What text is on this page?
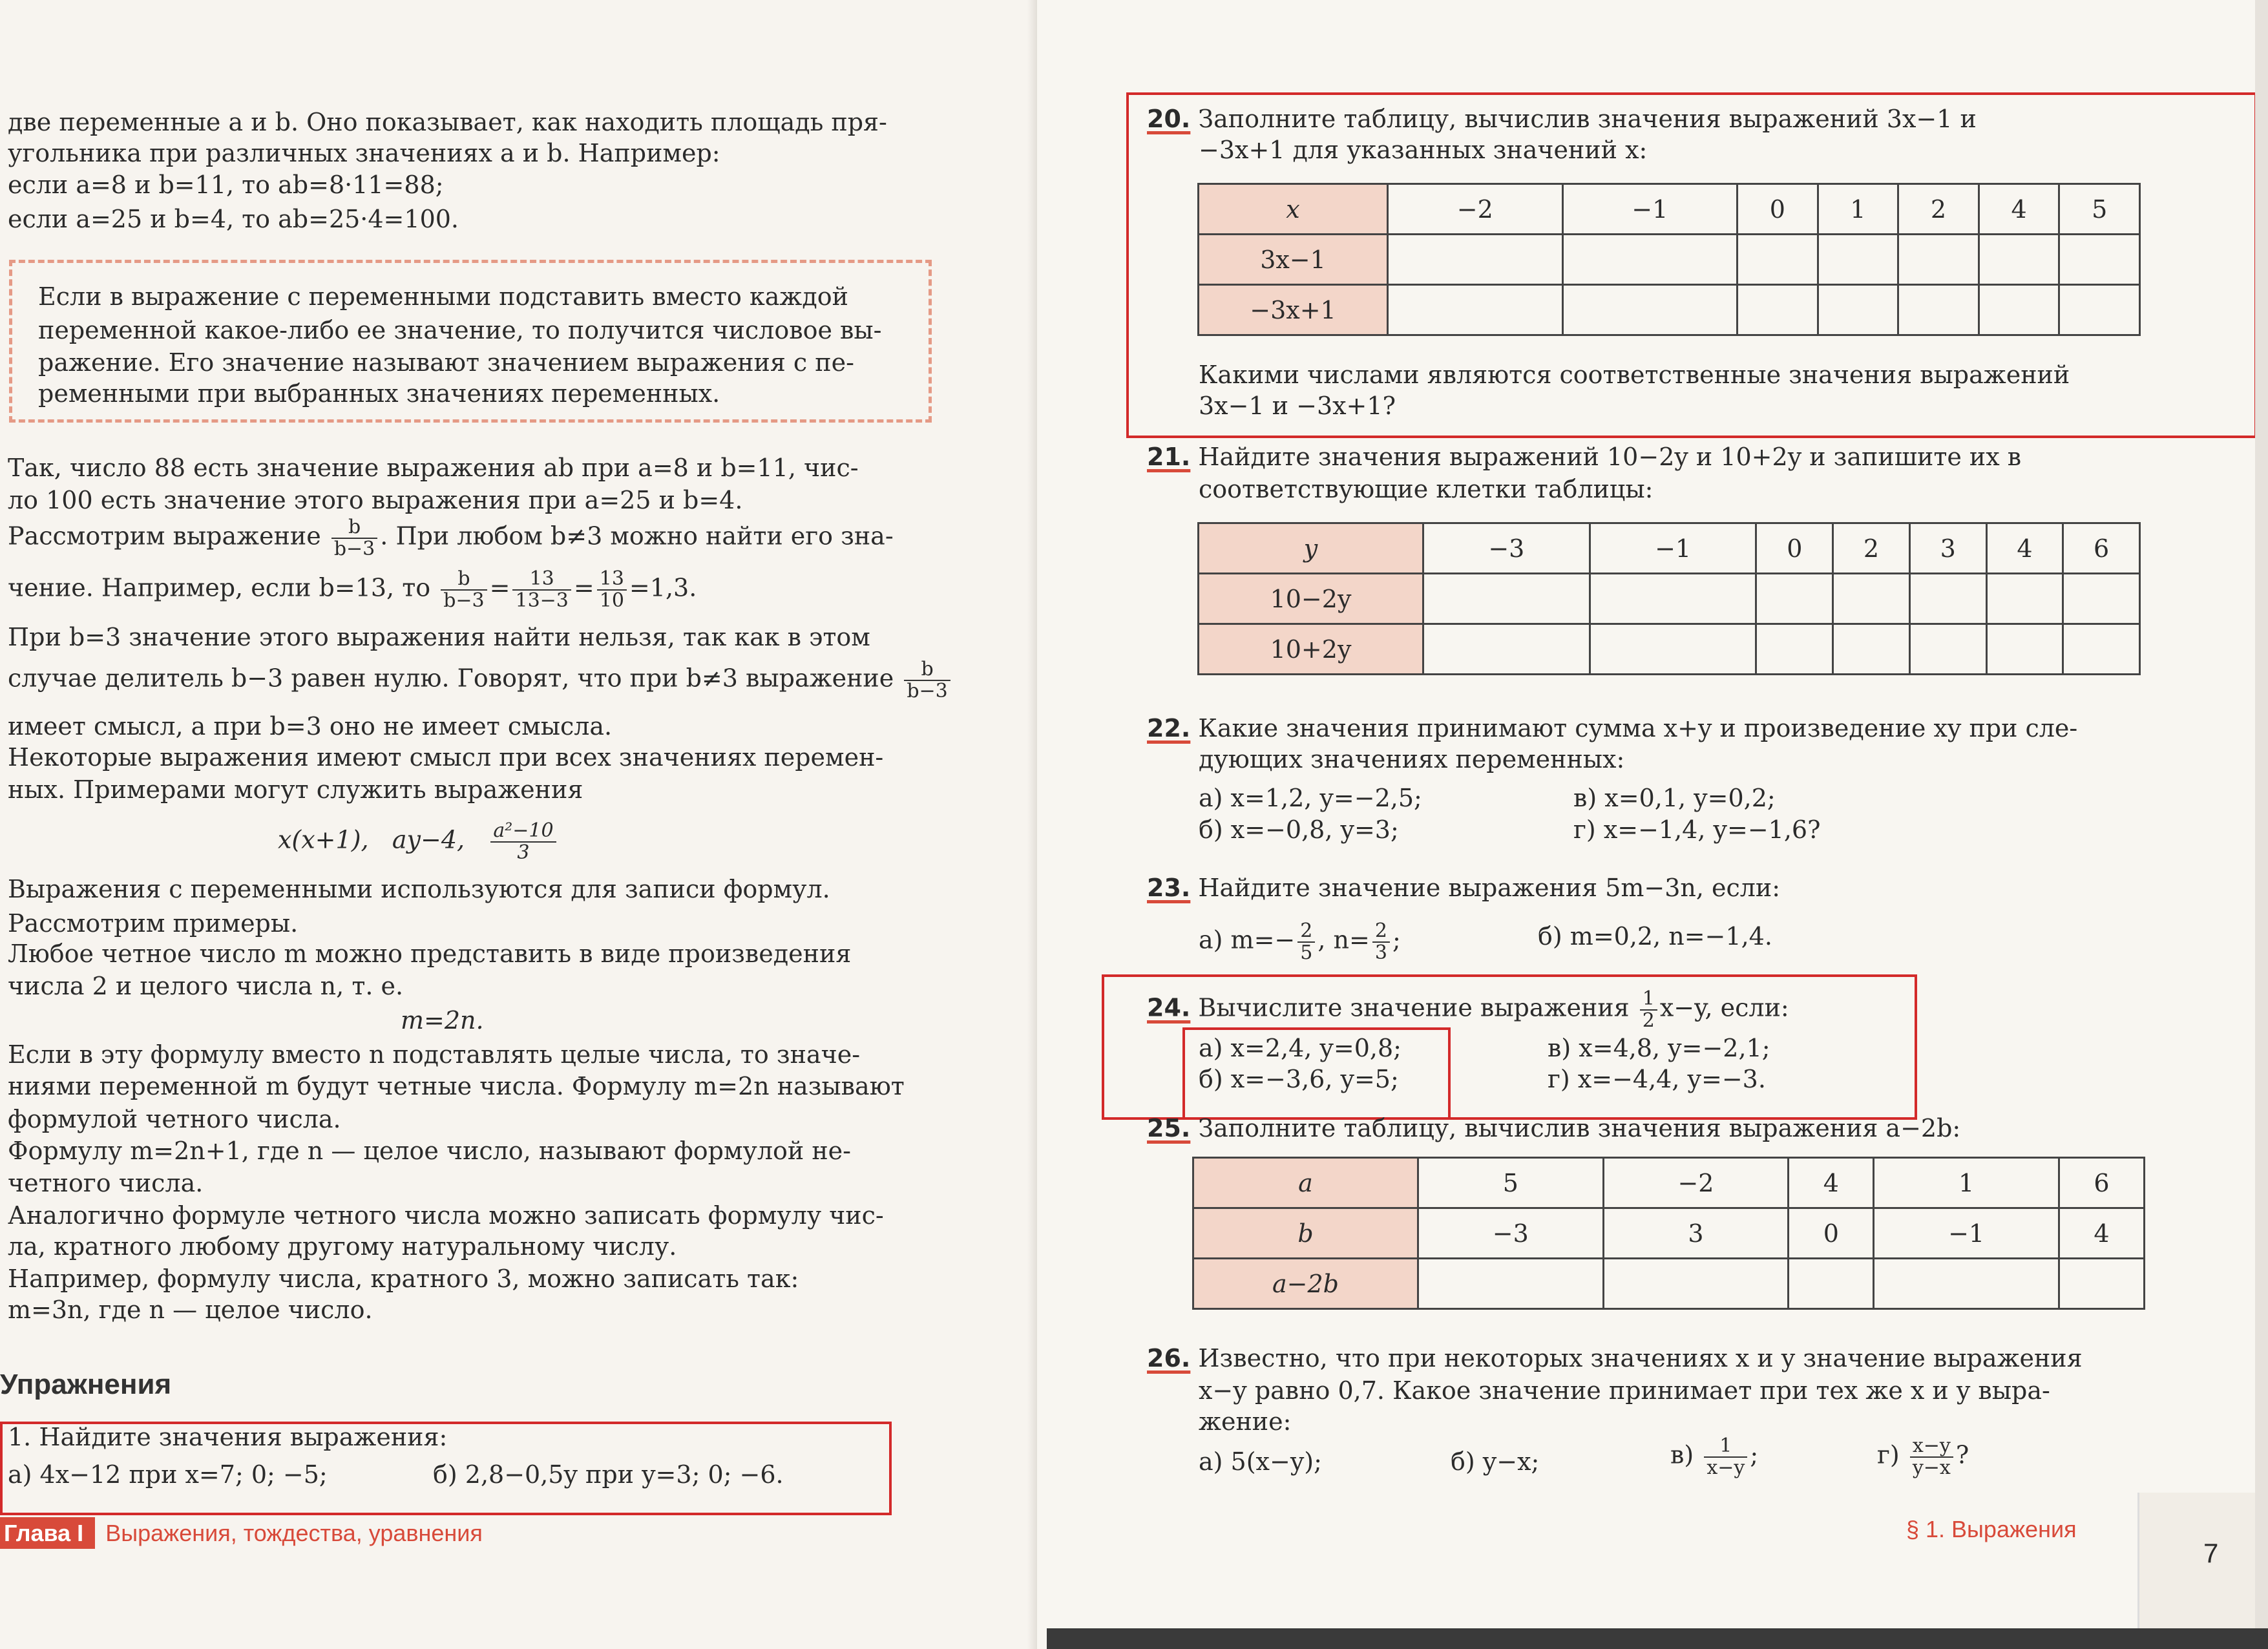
две переменные a и b. Оно показывает, как находить площадь пря-
угольника при различных значениях a и b. Например:
если a=8 и b=11, то ab=8·11=88;
если a=25 и b=4, то ab=25·4=100.
Если в выражение с переменными подставить вместо каждой
переменной какое-либо ее значение, то получится числовое вы-
ражение. Его значение называют значением выражения с пе-
ременными при выбранных значениях переменных.
Так, число 88 есть значение выражения ab при a=8 и b=11, чис-
ло 100 есть значение этого выражения при a=25 и b=4.
Рассмотрим выражение $\frac{b}{b-3}$ . При любом b≠3 можно найти его зна-
чение. Например, если b=13, то $\frac{b}{b-3} = \frac{13}{13-3} = \frac{13}{10} =1,3$.
При b=3 значение этого выражения найти нельзя, так как в этом
случае делитель b−3 равен нулю. Говорят, что при b≠3 выражение $\frac{b}{b-3}$
имеет смысл, а при b=3 оно не имеет смысла.
Некоторые выражения имеют смысл при всех значениях перемен-
ных. Примерами могут служить выражения
x(x+1), ay−4, $\frac{\text{a²−10}}{3}$
Выражения с переменными используются для записи формул.
Рассмотрим примеры.
Любое четное число m можно представить в виде произведения
числа 2 и целого числа n, т. е.
m=2n.
Если в эту формулу вместо n подставлять целые числа, то значе-
ниями переменной m будут четные числа. Формулу m=2n называют
формулой четного числа.
Формулу m=2n+1, где n — целое число, называют формулой не-
четного числа.
Аналогично формуле четного числа можно записать формулу чис-
ла, кратного любому другому натуральному числу.
Например, формулу числа, кратного 3, можно записать так:
m=3n, где n — целое число.
Упражнения
1. Найдите значения выражения:
а) 4x−12 при x=7; 0; −5;	б) 2,8−0,5y при y=3; 0; −6.
Глава I Выражения, тождества, уравнения
20. Заполните таблицу, вычислив значения выражений 3x−1 и
−3x+1 для указанных значений x:
x	−2	−1	0	1	2	4	5
3x−1							
−3x+1							
Какими числами являются соответственные значения выражений
3x−1 и −3x+1?
21. Найдите значения выражений 10−2y и 10+2y и запишите их в
соответствующие клетки таблицы:
y	−3	−1	0	2	3	4	6
10−2y							
10+2y							
22. Какие значения принимают сумма x+y и произведение xy при сле-
дующих значениях переменных:
а) x=1,2, y=−2,5;	в) x=0,1, y=0,2;
б) x=−0,8, y=3;	г) x=−1,4, y=−1,6?
23. Найдите значение выражения 5m−3n, если:
а) $m=- \frac{2}{5}$ , $n= \frac{2}{3}$ ;	б) m=0,2, n=−1,4.
24. Вычислите значение выражения $\frac{1}{2} x-y$, если:
а) x=2,4, y=0,8;	в) x=4,8, y=−2,1;
б) x=−3,6, y=5;	г) x=−4,4, y=−3.
25. Заполните таблицу, вычислив значения выражения a−2b:
a	5	−2	4	1	6
b	−3	3	0	−1	4
a−2b					
26. Известно, что при некоторых значениях x и y значение выражения
x−y равно 0,7. Какое значение принимает при тех же x и y выра-
жение:
а) 5(x−y);	б) y−x;	$в) \frac{1}{x-y}$ ;	$г) \frac{x-y}{y-x}$ ?
§ 1. Выражения
7
